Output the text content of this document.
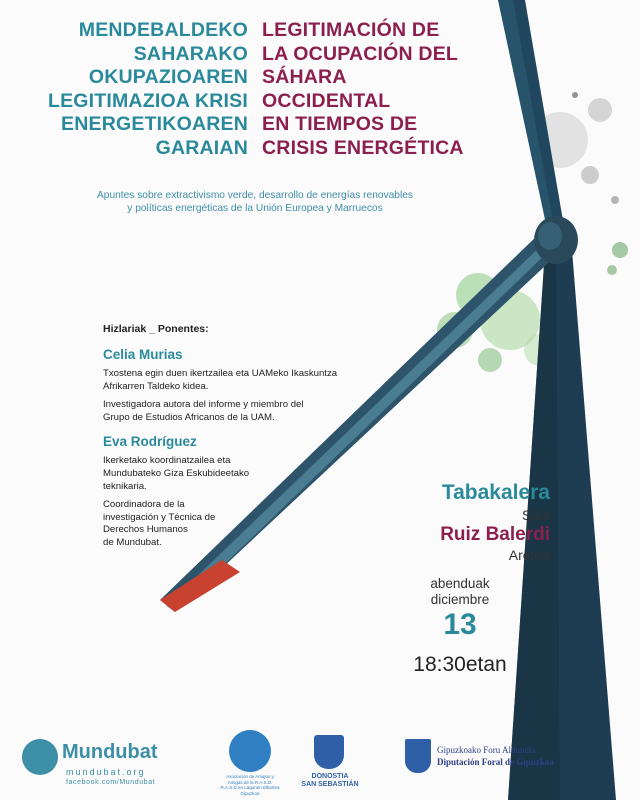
MENDEBALDEKO
SAHARAKO
OKUPAZIOAREN
LEGITIMAZIOA KRISI
ENERGETIKOAREN
GARAIAN
LEGITIMACIÓN DE
LA OCUPACIÓN DEL
SÁHARA
OCCIDENTAL
EN TIEMPOS DE
CRISIS ENERGÉTICA
Apuntes sobre extractivismo verde, desarrollo de energías renovables
y políticas energéticas de la Unión Europea y Marruecos
Hizlariak _ Ponentes:
Celia Murias
Txostena egin duen ikertzailea eta UAMeko Ikaskuntza
Afrikarren Taldeko kidea.
Investigadora autora del informe y miembro del
Grupo de Estudios Africanos de la UAM.
Eva Rodríguez
Ikerketako koordinatzailea eta
Mundubateko Giza Eskubideetako
teknikaria.
Coordinadora de la
investigación y Técnica de
Derechos Humanos
de Mundubat.
Tabakalera
Sala
Ruiz Balerdi
Aretoa
abenduak
diciembre
13
18:30etan
Mundubat
mundubat.org
facebook.com/Mundubat
Asociación de Amigos y
Amigas de la R.A.S.D.
R.A.S.D.en Lagunen Elkartea
Gipuzkoa
DONOSTIA
SAN SEBASTIÁN
Gipuzkoako Foru Aldundia
Diputación Foral de Gipuzkoa
